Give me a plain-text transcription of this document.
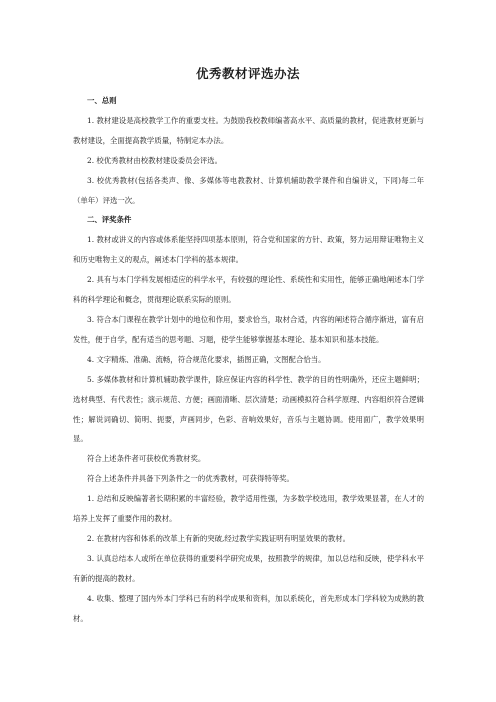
优秀教材评选办法
一、总则
1. 教材建设是高校教学工作的重要支柱。为鼓励我校教师编著高水平、高质量的教材，促进教材更新与教材建设，全面提高教学质量，特制定本办法。
2. 校优秀教材由校教材建设委员会评选。
3. 校优秀教材(包括各类声、像、多媒体等电教教材、计算机辅助教学课件和自编讲义，下同)每二年（单年）评选一次。
二、评奖条件
1. 教材或讲义的内容或体系能坚持四项基本原则，符合党和国家的方针、政策，努力运用辩证唯物主义和历史唯物主义的观点，阐述本门学科的基本规律。
2. 具有与本门学科发展相适应的科学水平，有较强的理论性、系统性和实用性，能够正确地阐述本门学科的科学理论和概念，贯彻理论联系实际的原则。
3. 符合本门课程在教学计划中的地位和作用，要求恰当，取材合适，内容的阐述符合循序渐进，富有启发性，便于自学，配有适当的思考题、习题，使学生能够掌握基本理论、基本知识和基本技能。
4. 文字精炼、准确、流畅，符合规范化要求，插图正确，文图配合恰当。
5. 多媒体教材和计算机辅助教学课件，除应保证内容的科学性、教学的目的性明确外，还应主题鲜明；选材典型、有代表性；演示规范、方便；画面清晰、层次清楚；动画模拟符合科学原理、内容组织符合逻辑性；解说词确切、简明、扼要，声画同步，色彩、音响效果好，音乐与主题协调。使用面广，教学效果明显。
符合上述条件者可获校优秀教材奖。
符合上述条件并具备下列条件之一的优秀教材，可获得特等奖。
1. 总结和反映编著者长期积累的丰富经验，教学适用性强，为多数学校选用，教学效果显著，在人才的培养上发挥了重要作用的教材。
2. 在教材内容和体系的改革上有新的突破,经过教学实践证明有明显效果的教材。
3. 认真总结本人或所在单位获得的重要科学研究成果，按照教学的规律，加以总结和反映，使学科水平有新的提高的教材。
4. 收集、整理了国内外本门学科已有的科学成果和资料，加以系统化，首先形成本门学科较为成熟的教材。
